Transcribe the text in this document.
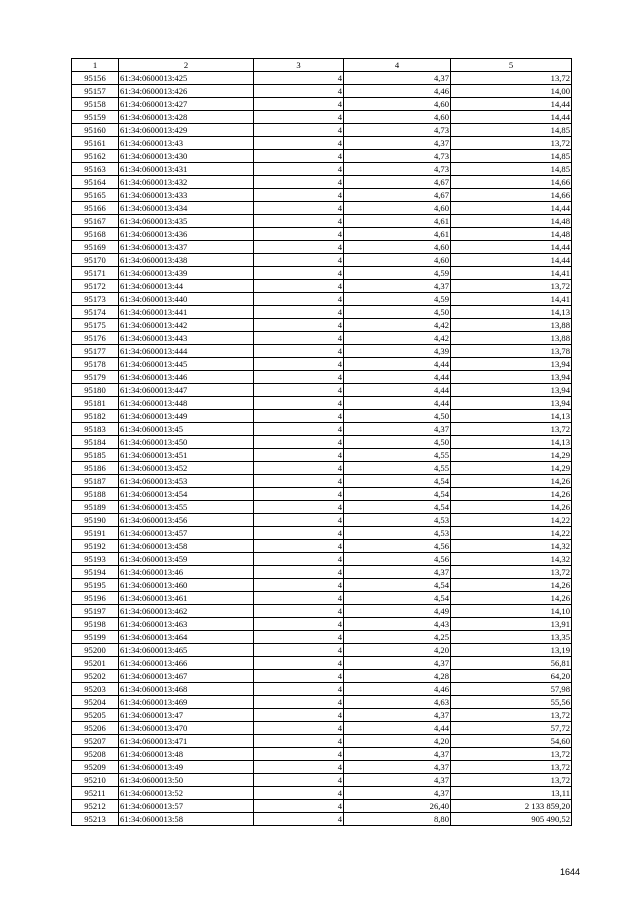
1	2	3	4	5
95156	61:34:0600013:425	4	4,37	13,72
95157	61:34:0600013:426	4	4,46	14,00
95158	61:34:0600013:427	4	4,60	14,44
95159	61:34:0600013:428	4	4,60	14,44
95160	61:34:0600013:429	4	4,73	14,85
95161	61:34:0600013:43	4	4,37	13,72
95162	61:34:0600013:430	4	4,73	14,85
95163	61:34:0600013:431	4	4,73	14,85
95164	61:34:0600013:432	4	4,67	14,66
95165	61:34:0600013:433	4	4,67	14,66
95166	61:34:0600013:434	4	4,60	14,44
95167	61:34:0600013:435	4	4,61	14,48
95168	61:34:0600013:436	4	4,61	14,48
95169	61:34:0600013:437	4	4,60	14,44
95170	61:34:0600013:438	4	4,60	14,44
95171	61:34:0600013:439	4	4,59	14,41
95172	61:34:0600013:44	4	4,37	13,72
95173	61:34:0600013:440	4	4,59	14,41
95174	61:34:0600013:441	4	4,50	14,13
95175	61:34:0600013:442	4	4,42	13,88
95176	61:34:0600013:443	4	4,42	13,88
95177	61:34:0600013:444	4	4,39	13,78
95178	61:34:0600013:445	4	4,44	13,94
95179	61:34:0600013:446	4	4,44	13,94
95180	61:34:0600013:447	4	4,44	13,94
95181	61:34:0600013:448	4	4,44	13,94
95182	61:34:0600013:449	4	4,50	14,13
95183	61:34:0600013:45	4	4,37	13,72
95184	61:34:0600013:450	4	4,50	14,13
95185	61:34:0600013:451	4	4,55	14,29
95186	61:34:0600013:452	4	4,55	14,29
95187	61:34:0600013:453	4	4,54	14,26
95188	61:34:0600013:454	4	4,54	14,26
95189	61:34:0600013:455	4	4,54	14,26
95190	61:34:0600013:456	4	4,53	14,22
95191	61:34:0600013:457	4	4,53	14,22
95192	61:34:0600013:458	4	4,56	14,32
95193	61:34:0600013:459	4	4,56	14,32
95194	61:34:0600013:46	4	4,37	13,72
95195	61:34:0600013:460	4	4,54	14,26
95196	61:34:0600013:461	4	4,54	14,26
95197	61:34:0600013:462	4	4,49	14,10
95198	61:34:0600013:463	4	4,43	13,91
95199	61:34:0600013:464	4	4,25	13,35
95200	61:34:0600013:465	4	4,20	13,19
95201	61:34:0600013:466	4	4,37	56,81
95202	61:34:0600013:467	4	4,28	64,20
95203	61:34:0600013:468	4	4,46	57,98
95204	61:34:0600013:469	4	4,63	55,56
95205	61:34:0600013:47	4	4,37	13,72
95206	61:34:0600013:470	4	4,44	57,72
95207	61:34:0600013:471	4	4,20	54,60
95208	61:34:0600013:48	4	4,37	13,72
95209	61:34:0600013:49	4	4,37	13,72
95210	61:34:0600013:50	4	4,37	13,72
95211	61:34:0600013:52	4	4,37	13,11
95212	61:34:0600013:57	4	26,40	2 133 859,20
95213	61:34:0600013:58	4	8,80	905 490,52
1644
